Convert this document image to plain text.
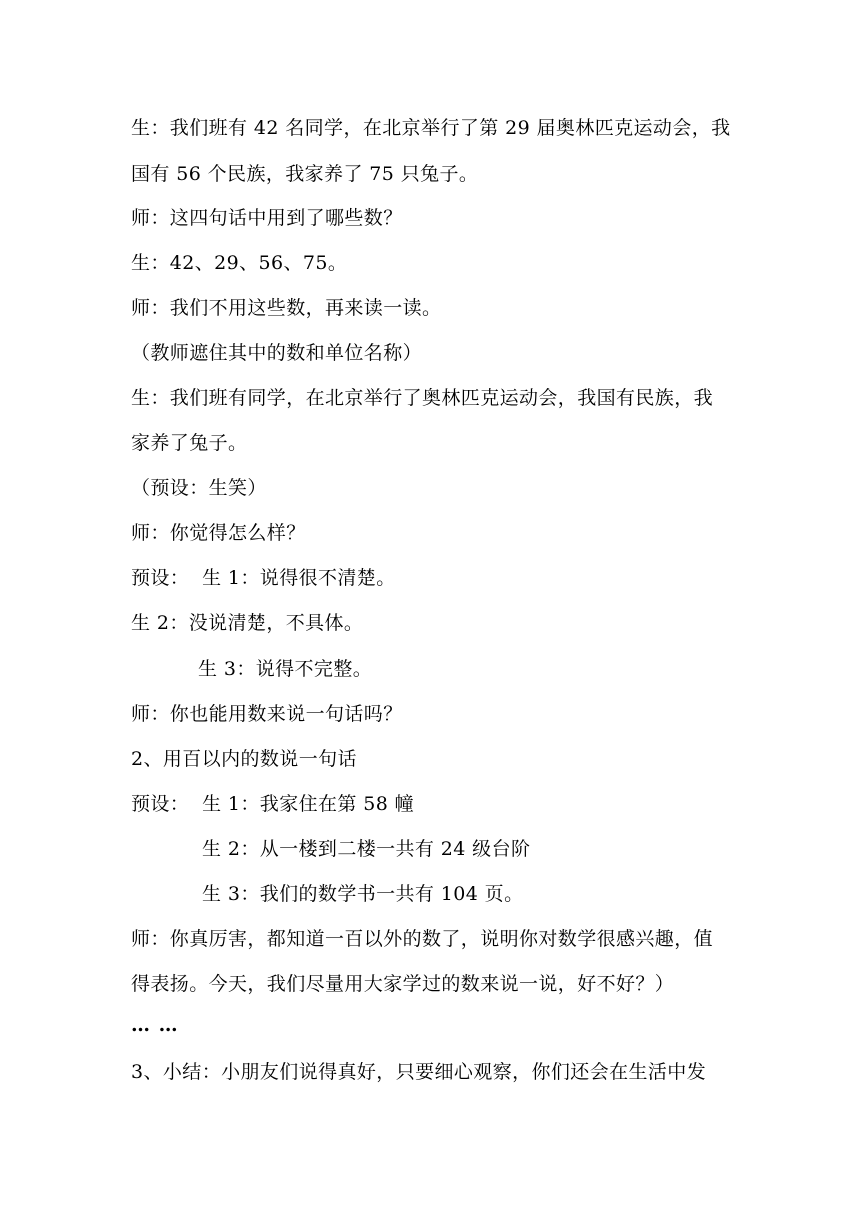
生：我们班有 42 名同学，在北京举行了第 29 届奥林匹克运动会，我
国有 56 个民族，我家养了 75 只兔子。
师：这四句话中用到了哪些数？
生：42、29、56、75。
师：我们不用这些数，再来读一读。
（教师遮住其中的数和单位名称）
生：我们班有同学，在北京举行了奥林匹克运动会，我国有民族，我
家养了兔子。
（预设：生笑）
师：你觉得怎么样？
预设：  生 1：说得很不清楚。
生 2：没说清楚，不具体。
生 3：说得不完整。
师：你也能用数来说一句话吗？
2、用百以内的数说一句话
预设：  生 1：我家住在第 58 幢
生 2：从一楼到二楼一共有 24 级台阶
生 3：我们的数学书一共有 104 页。
师：你真厉害，都知道一百以外的数了，说明你对数学很感兴趣，值
得表扬。今天，我们尽量用大家学过的数来说一说，好不好？）
… …
3、小结：小朋友们说得真好，只要细心观察，你们还会在生活中发
